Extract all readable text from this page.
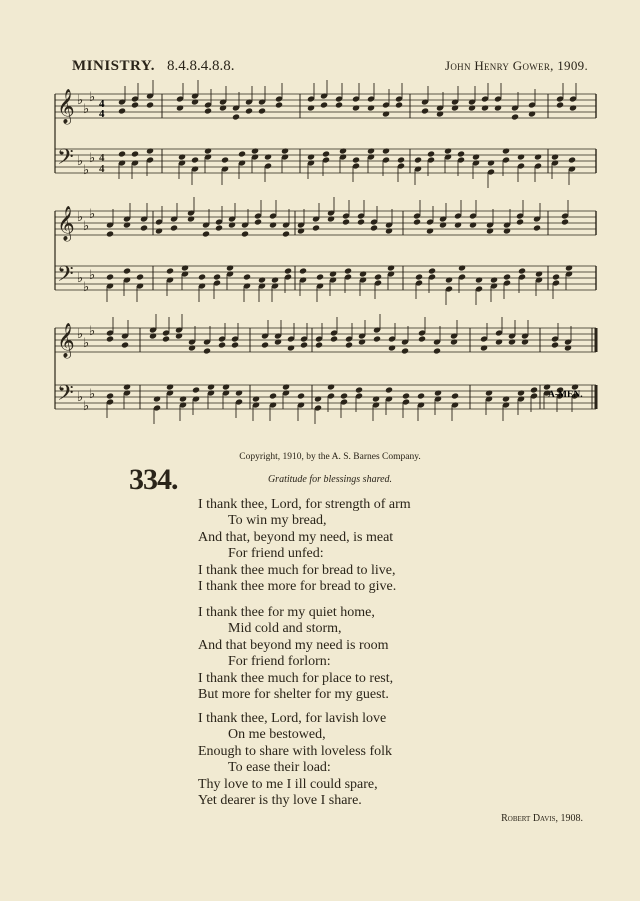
MINISTRY. 8.4.8.4.8.8.	John Henry Gower, 1909.
𝄞 ♭
♭
♭
𝄢 ♭
♭
♭ 4
4
𝄞 ♭
♭
♭
𝄢 ♭
♭
♭
𝄞 ♭
♭
♭
𝄢 ♭
♭
♭
4
4
A-MEN.
Copyright, 1910, by the A. S. Barnes Company.
Gratitude for blessings shared.
334.
I thank thee, Lord, for strength of arm
To win my bread,
And that, beyond my need, is meat
For friend unfed:
I thank thee much for bread to live,
I thank thee more for bread to give.
I thank thee for my quiet home,
Mid cold and storm,
And that beyond my need is room
For friend forlorn:
I thank thee much for place to rest,
But more for shelter for my guest.
I thank thee, Lord, for lavish love
On me bestowed,
Enough to share with loveless folk
To ease their load:
Thy love to me I ill could spare,
Yet dearer is thy love I share.
Robert Davis, 1908.
